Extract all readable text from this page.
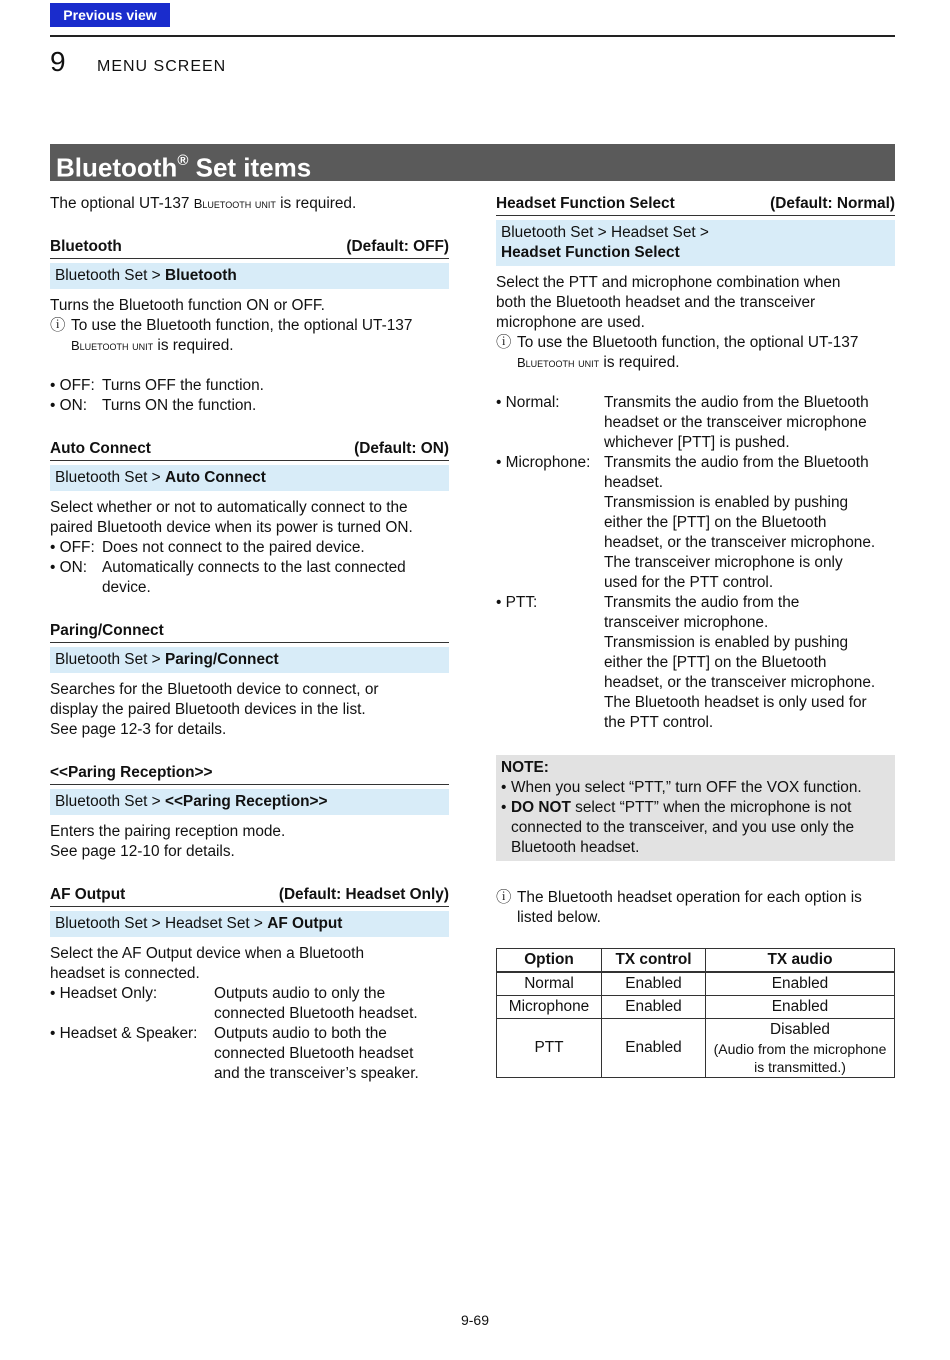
Previous view
9 MENU SCREEN
Bluetooth® Set items

The optional UT-137 Bluetooth unit is required.

Bluetooth	(Default: OFF)
Bluetooth Set > Bluetooth

Turns the Bluetooth function ON or OFF.

ⓘ To use the Bluetooth function, the optional UT-137

Bluetooth unit is required.

• OFF: Turns OFF the function.
• ON: Turns ON the function.
Auto Connect	(Default: ON)
Bluetooth Set > Auto Connect

Select whether or not to automatically connect to the

paired Bluetooth device when its power is turned ON.

• OFF: Does not connect to the paired device.
• ON: Automatically connects to the last connected

device.

Paring/Connect
Bluetooth Set > Paring/Connect

Searches for the Bluetooth device to connect, or

display the paired Bluetooth devices in the list.

See page 12-3 for details.

<<Paring Reception>>
Bluetooth Set > <<Paring Reception>>

Enters the pairing reception mode.

See page 12-10 for details.

AF Output	(Default: Headset Only)
Bluetooth Set > Headset Set > AF Output

Select the AF Output device when a Bluetooth

headset is connected.

• Headset Only:	Outputs audio to only the

connected Bluetooth headset.

• Headset & Speaker:	Outputs audio to both the

connected Bluetooth headset

and the transceiver’s speaker.

Headset Function Select	(Default: Normal)
Bluetooth Set > Headset Set >
Headset Function Select

Select the PTT and microphone combination when

both the Bluetooth headset and the transceiver

microphone are used.

ⓘ To use the Bluetooth function, the optional UT-137

Bluetooth unit is required.

• Normal:	Transmits the audio from the Bluetooth
headset or the transceiver microphone
whichever [PTT] is pushed.
• Microphone: Transmits the audio from the Bluetooth
headset.
Transmission is enabled by pushing
either the [PTT] on the Bluetooth
headset, or the transceiver microphone.
The transceiver microphone is only
used for the PTT control.
• PTT:	Transmits the audio from the
transceiver microphone.
Transmission is enabled by pushing
either the [PTT] on the Bluetooth
headset, or the transceiver microphone.
The Bluetooth headset is only used for
the PTT control.

NOTE:

• When you select “PTT,” turn OFF the VOX function.
• DO NOT select “PTT” when the microphone is not

connected to the transceiver, and you use only the

Bluetooth headset.

ⓘ The Bluetooth headset operation for each option is

listed below.

Option	TX control	TX audio
Normal	Enabled	Enabled
Microphone	Enabled	Enabled
PTT	Enabled	Disabled
(Audio from the microphone
is transmitted.)
9-69
